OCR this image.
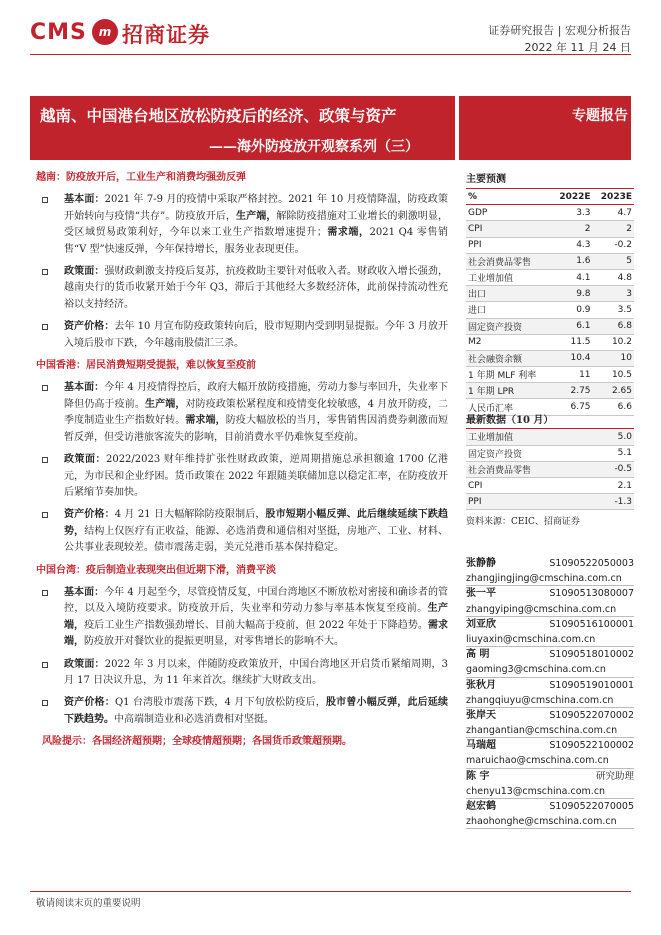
CMS m 招商证券	证券研究报告 | 宏观分析报告
2022 年 11 月 24 日
越南、中国港台地区放松防疫后的经济、政策与资产
——海外防疫放开观察系列（三）
专题报告
越南：防疫放开后，工业生产和消费均强劲反弹
基本面：2021 年 7-9 月的疫情中采取严格封控。2021 年 10 月疫情降温，防疫政策开始转向与疫情“共存”。防疫放开后，生产端，解除防疫措施对工业增长的刺激明显，受区域贸易政策利好，今年以来工业生产指数增速提升；需求端，2021 Q4 零售销售“V 型”快速反弹，今年保持增长，服务业表现更佳。
政策面：强财政刺激支持疫后复苏，抗疫救助主要针对低收入者。财政收入增长强劲，越南央行的货币收紧开始于今年 Q3，滞后于其他经大多数经济体，此前保持流动性充裕以支持经济。
资产价格：去年 10 月宣布防疫政策转向后，股市短期内受到明显提振。今年 3 月放开入境后股市下跌，今年越南股债汇三杀。
中国香港：居民消费短期受提振，难以恢复至疫前
基本面：今年 4 月疫情得控后，政府大幅开放防疫措施，劳动力参与率回升，失业率下降但仍高于疫前。生产端，对防疫政策松紧程度和疫情变化较敏感，4 月放开防疫，二季度制造业生产指数好转。需求端，防疫大幅放松的当月，零售销售因消费券刺激而短暂反弹，但受访港旅客流失的影响，目前消费水平仍难恢复至疫前。
政策面：2022/2023 财年维持扩张性财政政策，逆周期措施总承担额逾 1700 亿港元，为市民和企业纾困。货币政策在 2022 年跟随美联储加息以稳定汇率，在防疫放开后紧缩节奏加快。
资产价格：4 月 21 日大幅解除防疫限制后，股市短期小幅反弹、此后继续延续下跌趋势，结构上仅医疗有正收益，能源、必选消费和通信相对坚挺，房地产、工业、材料、公共事业表现较差。债市震荡走弱，美元兑港币基本保持稳定。
中国台湾：疫后制造业表现突出但近期下滑，消费平淡
基本面：今年 4 月起至今，尽管疫情反复，中国台湾地区不断放松对密接和确诊者的管控，以及入境防疫要求。防疫放开后，失业率和劳动力参与率基本恢复至疫前。生产端，疫后工业生产指数强劲增长、目前大幅高于疫前，但 2022 年处于下降趋势。需求端，防疫放开对餐饮业的提振更明显，对零售增长的影响不大。
政策面：2022 年 3 月以来，伴随防疫政策放开，中国台湾地区开启货币紧缩周期，3 月 17 日决议升息，为 11 年来首次。继续扩大财政支出。
资产价格：Q1 台湾股市震荡下跌，4 月下旬放松防疫后，股市曾小幅反弹，此后延续下跌趋势。中高端制造业和必选消费相对坚挺。
风险提示：各国经济超预期；全球疫情超预期；各国货币政策超预期。
主要预测
%	2022E	2023E
GDP	3.3	4.7
CPI	2	2
PPI	4.3	-0.2
社会消费品零售	1.6	5
工业增加值	4.1	4.8
出口	9.8	3
进口	0.9	3.5
固定资产投资	6.1	6.8
M2	11.5	10.2
社会融资余额	10.4	10
1 年期 MLF 利率	11	10.5
1 年期 LPR	2.75	2.65
人民币汇率	6.75	6.6
最新数据（10 月）
工业增加值	5.0
固定资产投资	5.1
社会消费品零售	-0.5
CPI	2.1
PPI	-1.3
资料来源：CEIC、招商证券
张静静	S1090522050003
zhangjingjing@cmschina.com.cn
张一平	S1090513080007
zhangyiping@cmschina.com.cn
刘亚欣	S1090516100001
liuyaxin@cmschina.com.cn
高 明	S1090518010002
gaoming3@cmschina.com.cn
张秋月	S1090519010001
zhangqiuyu@cmschina.com.cn
张岸天	S1090522070002
zhangantian@cmschina.com.cn
马瑞超	S1090522100002
maruichao@cmschina.com.cn
陈 宇	研究助理
chenyu13@cmschina.com.cn
赵宏鹤	S1090522070005
zhaohonghe@cmschina.com.cn
敬请阅读末页的重要说明
